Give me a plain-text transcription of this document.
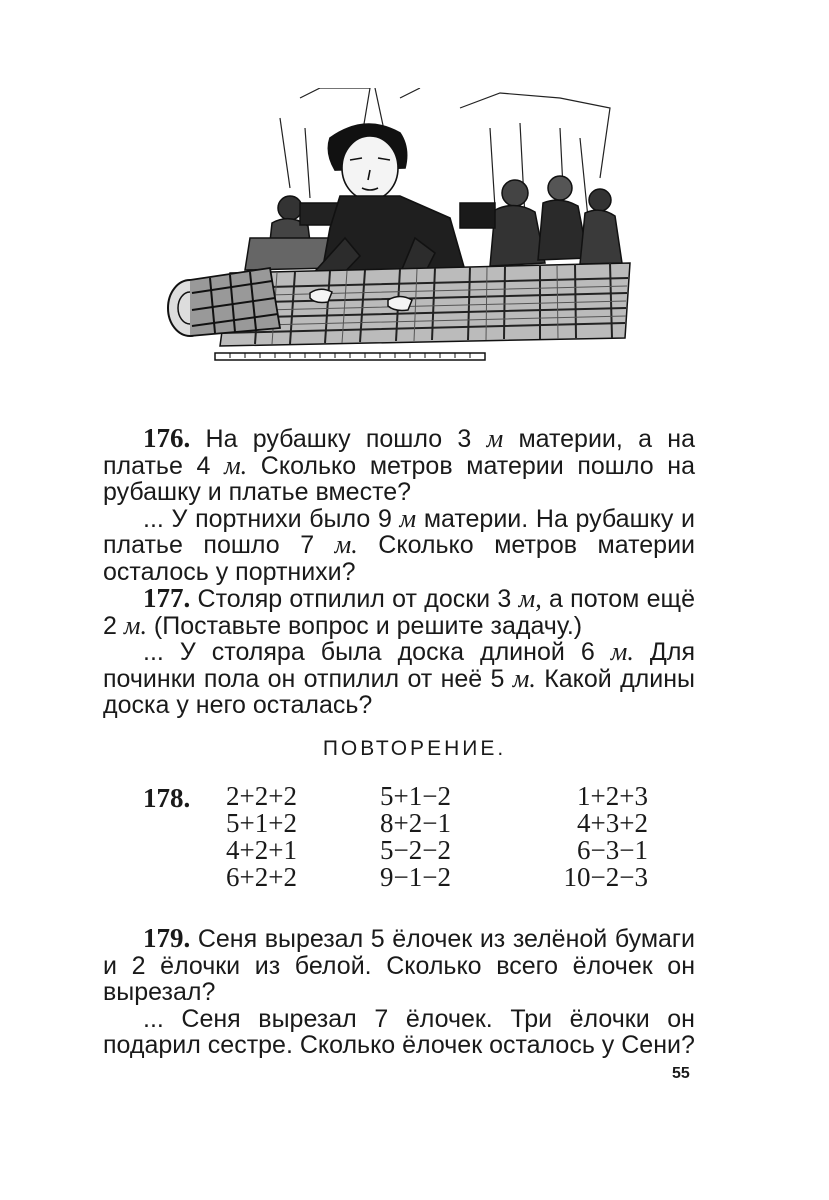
176. На рубашку пошло 3 м материи, а на платье 4 м. Сколько метров материи пошло на рубашку и платье вместе?

... У портнихи было 9 м материи. На рубашку и платье пошло 7 м. Сколько метров материи осталось у портнихи?

177. Столяр отпилил от доски 3 м, а потом ещё 2 м. (Поставьте вопрос и решите задачу.)

... У столяра была доска длиной 6 м. Для починки пола он отпилил от неё 5 м. Какой длины доска у него осталась?

ПОВТОРЕНИЕ.
178. 2+2+2
5+1+2
4+2+1
6+2+2
5+1−2
8+2−1
5−2−2
9−1−2
1+2+3
4+3+2
6−3−1
10−2−3

179. Сеня вырезал 5 ёлочек из зелёной бумаги и 2 ёлочки из белой. Сколько всего ёлочек он вырезал?

... Сеня вырезал 7 ёлочек. Три ёлочки он подарил сестре. Сколько ёлочек осталось у Сени?

55
